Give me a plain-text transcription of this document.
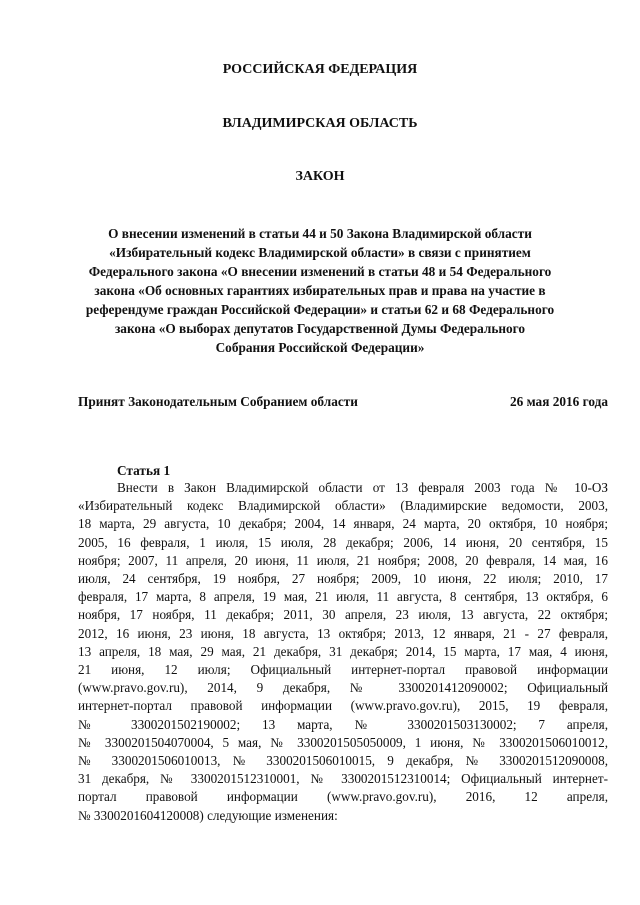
РОССИЙСКАЯ ФЕДЕРАЦИЯ
ВЛАДИМИРСКАЯ ОБЛАСТЬ
ЗАКОН
О внесении изменений в статьи 44 и 50 Закона Владимирской области
«Избирательный кодекс Владимирской области» в связи с принятием
Федерального закона «О внесении изменений в статьи 48 и 54 Федерального
закона «Об основных гарантиях избирательных прав и права на участие в
референдуме граждан Российской Федерации» и статьи 62 и 68 Федерального
закона «О выборах депутатов Государственной Думы Федерального
Собрания Российской Федерации»
Принят Законодательным Собранием области	26 мая 2016 года
Статья 1
Внести в Закон Владимирской области от 13 февраля 2003 года № 10-ОЗ
«Избирательный кодекс Владимирской области» (Владимирские ведомости, 2003,
18 марта, 29 августа, 10 декабря; 2004, 14 января, 24 марта, 20 октября, 10 ноября;
2005, 16 февраля, 1 июля, 15 июля, 28 декабря; 2006, 14 июня, 20 сентября, 15
ноября; 2007, 11 апреля, 20 июня, 11 июля, 21 ноября; 2008, 20 февраля, 14 мая, 16
июля, 24 сентября, 19 ноября, 27 ноября; 2009, 10 июня, 22 июля; 2010, 17
февраля, 17 марта, 8 апреля, 19 мая, 21 июля, 11 августа, 8 сентября, 13 октября, 6
ноября, 17 ноября, 11 декабря; 2011, 30 апреля, 23 июля, 13 августа, 22 октября;
2012, 16 июня, 23 июня, 18 августа, 13 октября; 2013, 12 января, 21 - 27 февраля,
13 апреля, 18 мая, 29 мая, 21 декабря, 31 декабря; 2014, 15 марта, 17 мая, 4 июня,
21 июня, 12 июля; Официальный интернет-портал правовой информации
(www.pravo.gov.ru), 2014, 9 декабря, № 3300201412090002; Официальный
интернет-портал правовой информации (www.pravo.gov.ru), 2015, 19 февраля,
№ 3300201502190002; 13 марта, № 3300201503130002; 7 апреля,
№ 3300201504070004, 5 мая, № 3300201505050009, 1 июня, № 3300201506010012,
№ 3300201506010013, № 3300201506010015, 9 декабря, № 3300201512090008,
31 декабря, № 3300201512310001, № 3300201512310014; Официальный интернет-
портал правовой информации (www.pravo.gov.ru), 2016, 12 апреля,
№ 3300201604120008) следующие изменения:
